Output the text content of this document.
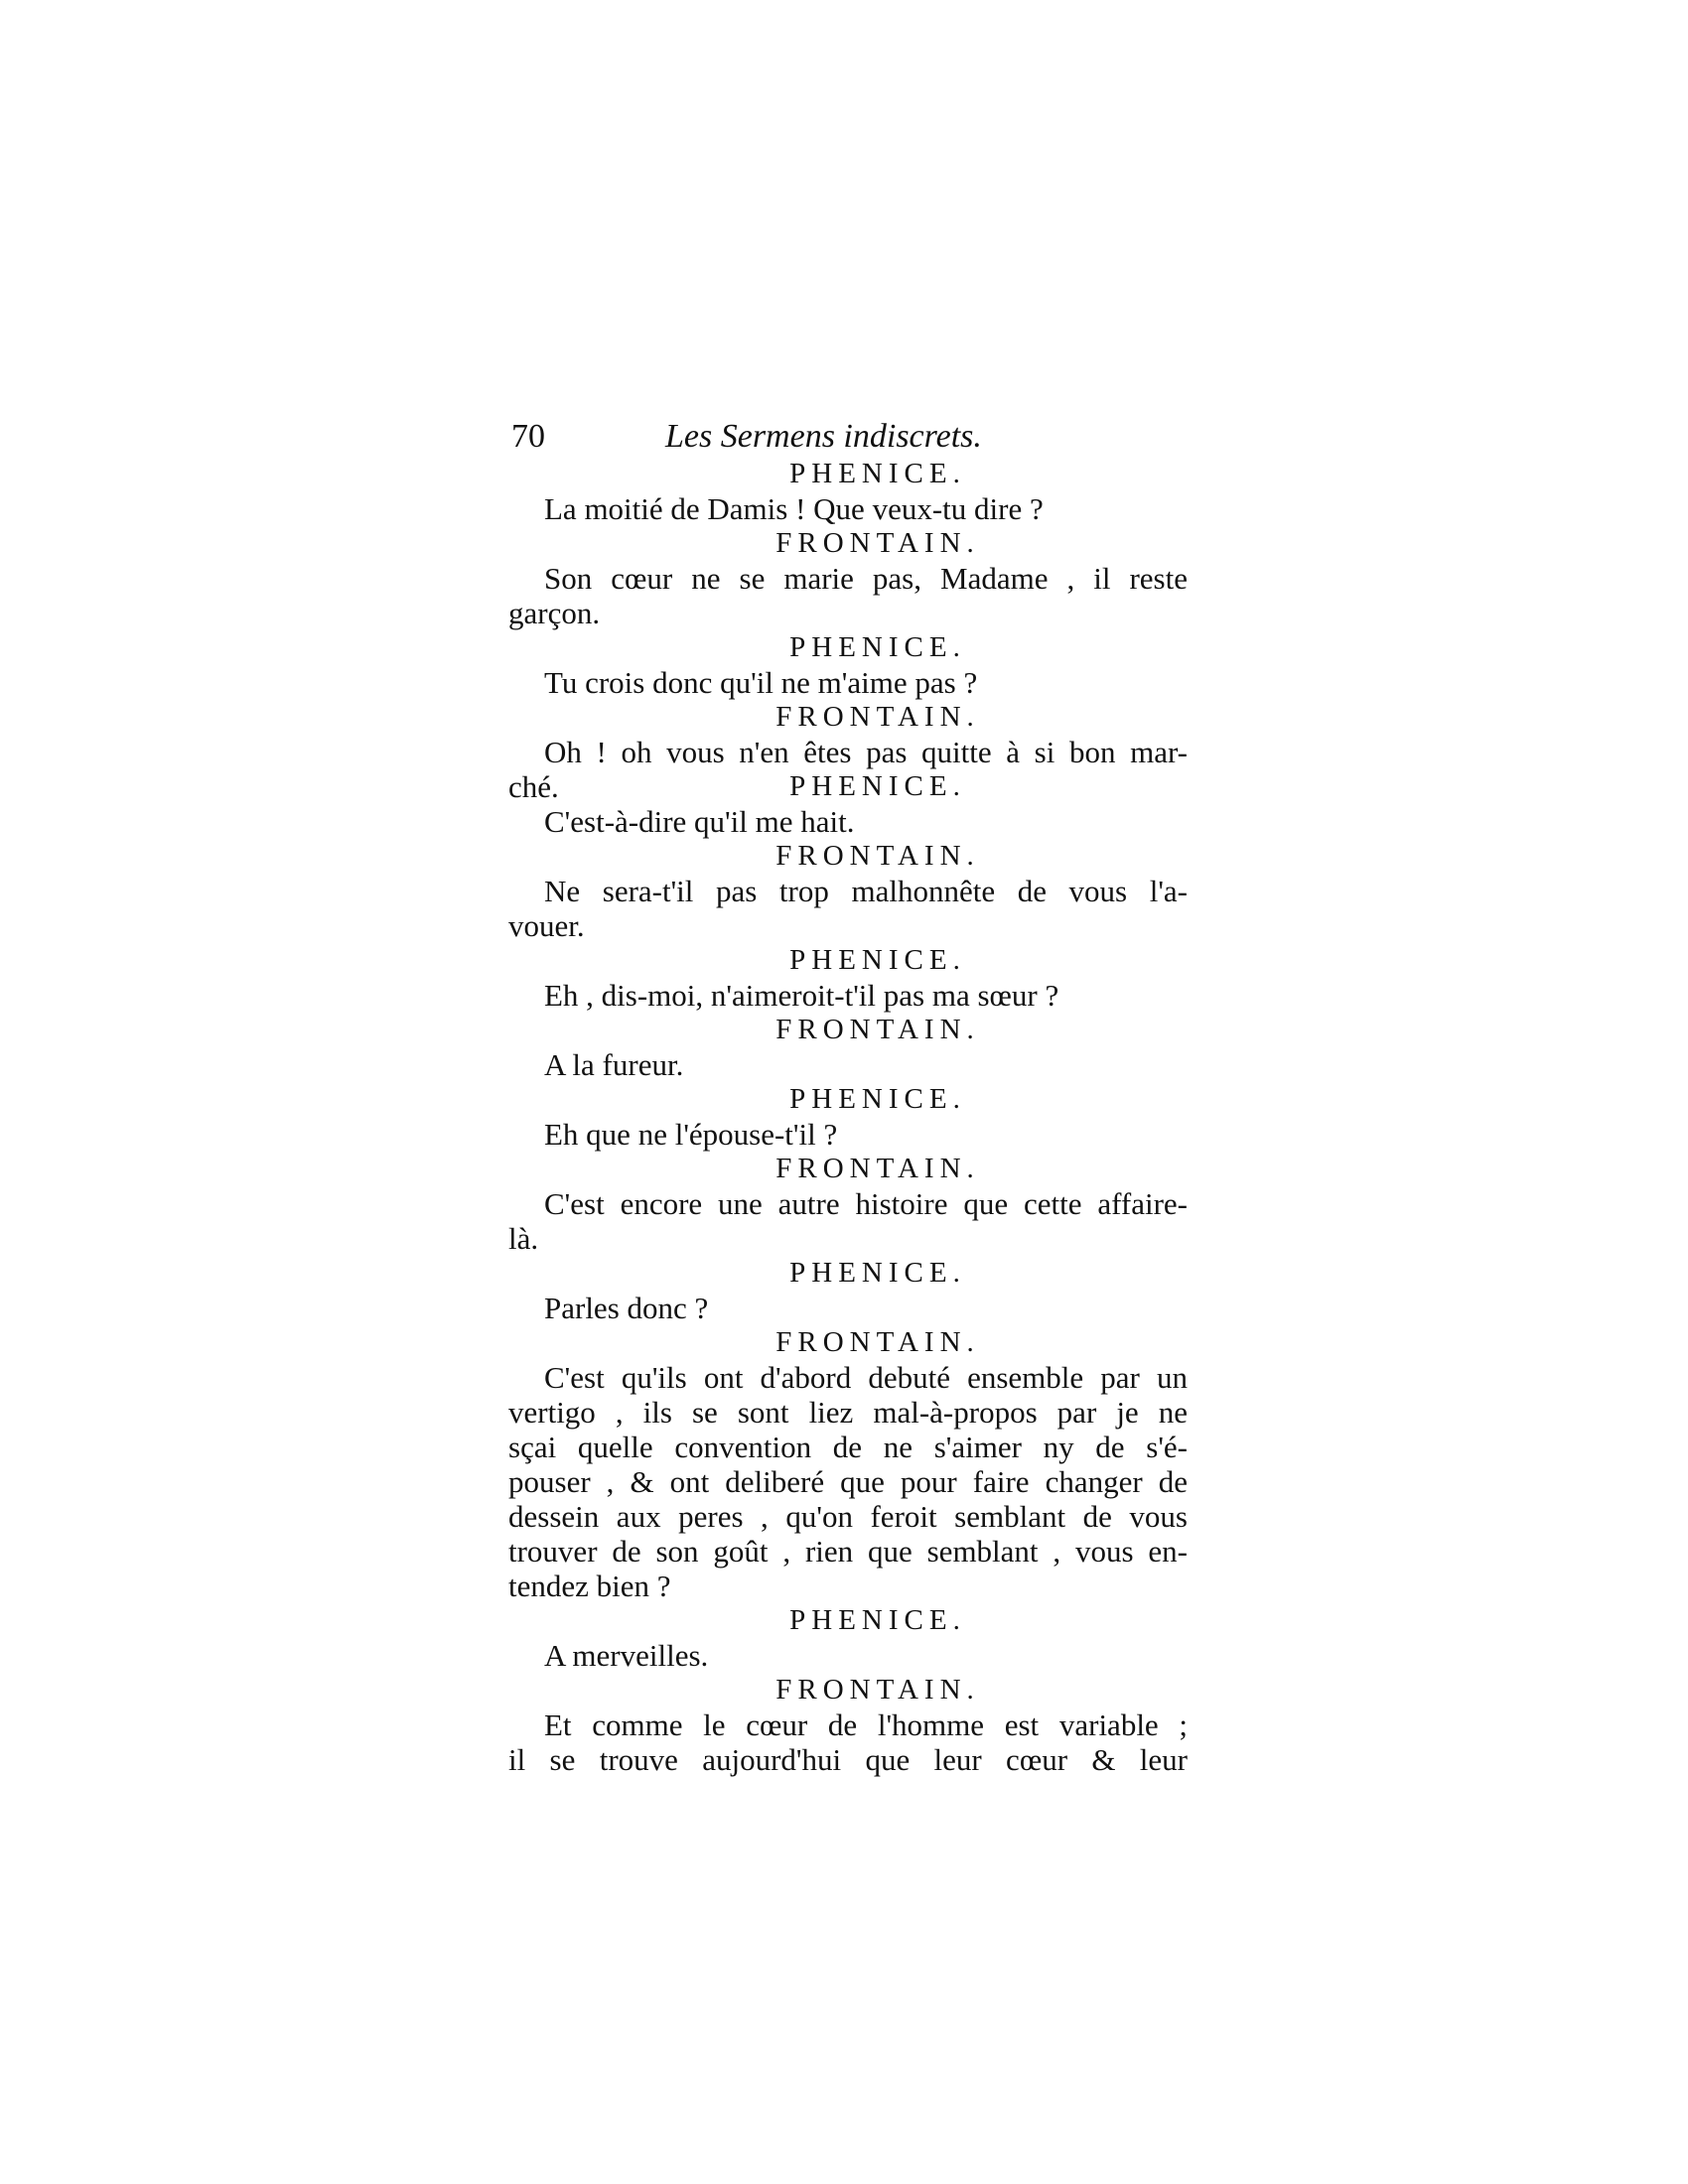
70	Les Sermens indiscrets.
PHENICE.
La moitié de Damis ! Que veux-tu dire ?
FRONTAIN.
Son cœur ne se marie pas, Madame , il reste
garçon.
PHENICE.
Tu crois donc qu'il ne m'aime pas ?
FRONTAIN.
Oh ! oh vous n'en êtes pas quitte à si bon mar-
ché.	PHENICE.
C'est-à-dire qu'il me hait.
FRONTAIN.
Ne sera-t'il pas trop malhonnête de vous l'a-
vouer.
PHENICE.
Eh , dis-moi, n'aimeroit-t'il pas ma sœur ?
FRONTAIN.
A la fureur.
PHENICE.
Eh que ne l'épouse-t'il ?
FRONTAIN.
C'est encore une autre histoire que cette affaire-
là.
PHENICE.
Parles donc ?
FRONTAIN.
C'est qu'ils ont d'abord debuté ensemble par un
vertigo , ils se sont liez mal-à-propos par je ne
sçai quelle convention de ne s'aimer ny de s'é-
pouser , & ont deliberé que pour faire changer de
dessein aux peres , qu'on feroit semblant de vous
trouver de son goût , rien que semblant , vous en-
tendez bien ?
PHENICE.
A merveilles.
FRONTAIN.
Et comme le cœur de l'homme est variable ;
il se trouve aujourd'hui que leur cœur & leur
